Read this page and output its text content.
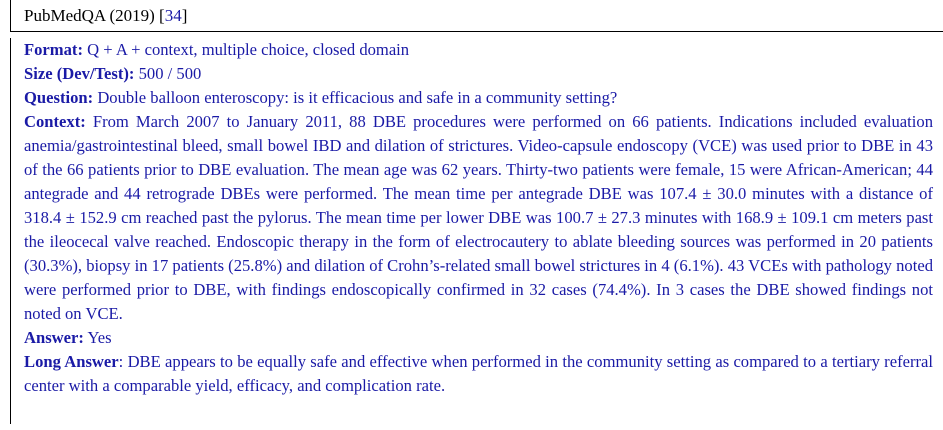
PubMedQA (2019) [34]
Format: Q + A + context, multiple choice, closed domain
Size (Dev/Test): 500 / 500
Question: Double balloon enteroscopy: is it efficacious and safe in a community setting?
Context: From March 2007 to January 2011, 88 DBE procedures were performed on 66 patients. Indications included evaluation anemia/gastrointestinal bleed, small bowel IBD and dilation of strictures. Video-capsule endoscopy (VCE) was used prior to DBE in 43 of the 66 patients prior to DBE evaluation. The mean age was 62 years. Thirty-two patients were female, 15 were African-American; 44 antegrade and 44 retrograde DBEs were performed. The mean time per antegrade DBE was 107.4 ± 30.0 minutes with a distance of 318.4 ± 152.9 cm reached past the pylorus. The mean time per lower DBE was 100.7 ± 27.3 minutes with 168.9 ± 109.1 cm meters past the ileocecal valve reached. Endoscopic therapy in the form of electrocautery to ablate bleeding sources was performed in 20 patients (30.3%), biopsy in 17 patients (25.8%) and dilation of Crohn’s-related small bowel strictures in 4 (6.1%). 43 VCEs with pathology noted were performed prior to DBE, with findings endoscopically confirmed in 32 cases (74.4%). In 3 cases the DBE showed findings not noted on VCE.
Answer: Yes
Long Answer: DBE appears to be equally safe and effective when performed in the community setting as compared to a tertiary referral center with a comparable yield, efficacy, and complication rate.
